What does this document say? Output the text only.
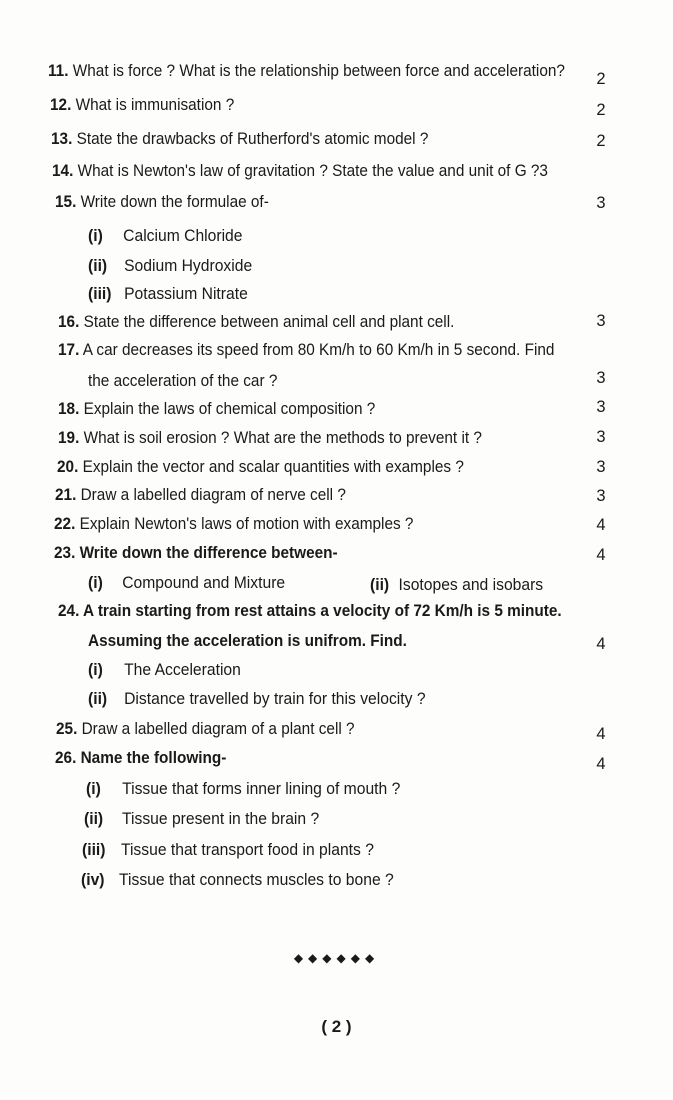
11. What is force ? What is the relationship between force and acceleration?	2
12. What is immunisation ?	2
13. State the drawbacks of Rutherford's atomic model ?	2
14. What is Newton's law of gravitation ? State the value and unit of G ?3
15. Write down the formulae of-	3
(i) Calcium Chloride
(ii) Sodium Hydroxide
(iii) Potassium Nitrate
16. State the difference between animal cell and plant cell.	3
17. A car decreases its speed from 80 Km/h to 60 Km/h in 5 second. Find
the acceleration of the car ?	3
18. Explain the laws of chemical composition ?	3
19. What is soil erosion ? What are the methods to prevent it ?	3
20. Explain the vector and scalar quantities with examples ?	3
21. Draw a labelled diagram of nerve cell ?	3
22. Explain Newton's laws of motion with examples ?	4
23. Write down the difference between-	4
(i) Compound and Mixture	(ii) Isotopes and isobars
24. A train starting from rest attains a velocity of 72 Km/h is 5 minute.
Assuming the acceleration is unifrom. Find.	4
(i) The Acceleration
(ii) Distance travelled by train for this velocity ?
25. Draw a labelled diagram of a plant cell ?	4
26. Name the following-	4
(i) Tissue that forms inner lining of mouth ?
(ii) Tissue present in the brain ?
(iii) Tissue that transport food in plants ?
(iv) Tissue that connects muscles to bone ?
◆◆◆◆◆◆
( 2 )
